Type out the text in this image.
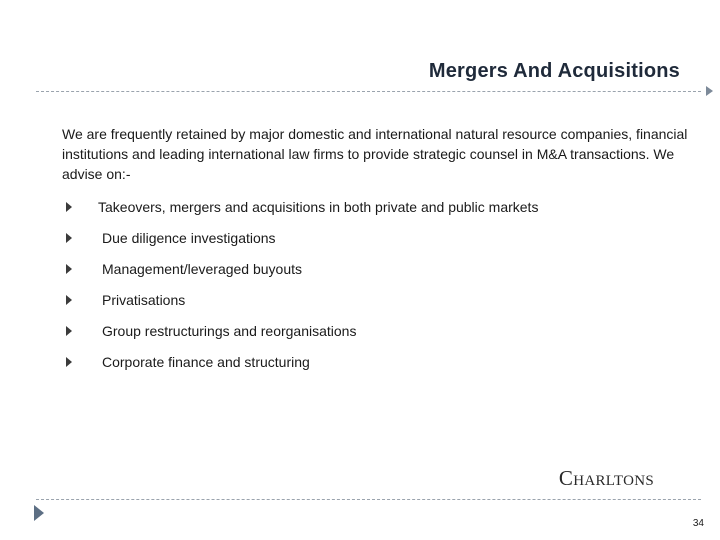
Mergers And Acquisitions
We are frequently retained by major domestic and international natural resource companies, financial institutions and leading international law firms to provide strategic counsel in M&A transactions. We advise on:-
Takeovers, mergers and acquisitions in both private and public markets
Due diligence investigations
Management/leveraged buyouts
Privatisations
Group restructurings and reorganisations
Corporate finance and structuring
CHARLTONS
34
